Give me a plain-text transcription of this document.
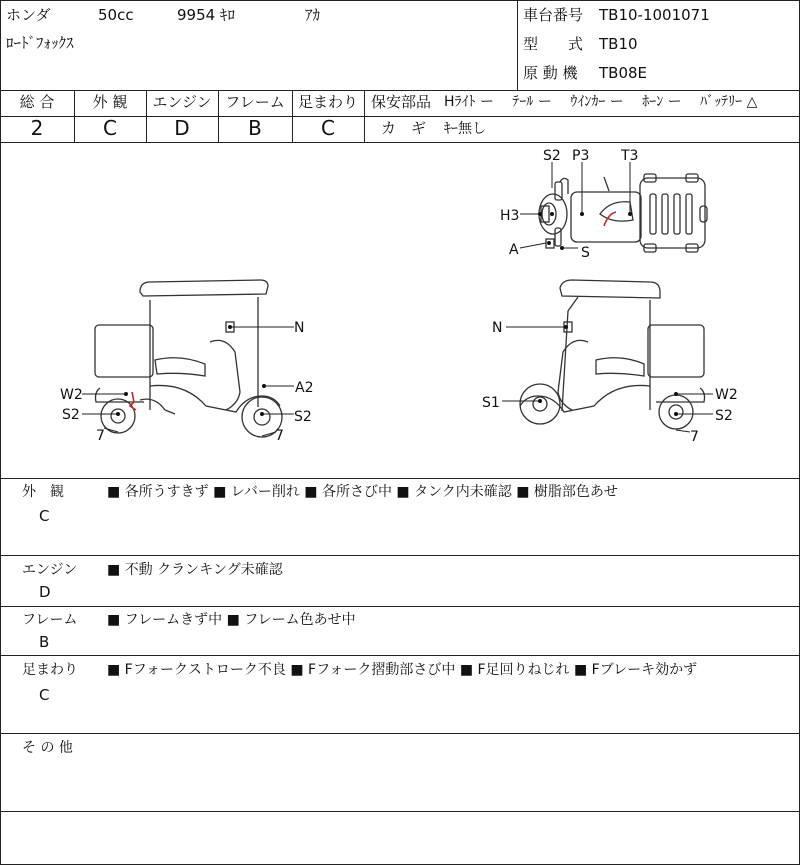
ホンダ	50cc	9954 ｷﾛ	ｱｶ
ﾛｰﾄﾞﾌｫｯｸｽ
車台番号 TB10-1001071
型　　式 TB10
原 動 機 TB08E
総 合
2
外 観
C
エンジン
D
フレーム
B
足まわり
C
保安部品 Hﾗｲﾄ ー　 ﾃｰﾙ ー　 ｳｲﾝｶｰ ー　 ﾎｰﾝ ー　 ﾊﾞｯﾃﾘｰ △
カ　ギ ｷｰ無し
S2 P3 T3
H3
A	S
N
W2	A2
S2	S2
7	7
N
S1	W2
S2
7
外　観
C
■ 各所うすきず ■ レバー削れ ■ 各所さび中 ■ タンク内未確認 ■ 樹脂部色あせ
エンジン
D
■ 不動 クランキング未確認
フレーム
B
■ フレームきず中 ■ フレーム色あせ中
足まわり
C
■ Fフォークストローク不良 ■ Fフォーク摺動部さび中 ■ F足回りねじれ ■ Fブレーキ効かず
そ の 他
